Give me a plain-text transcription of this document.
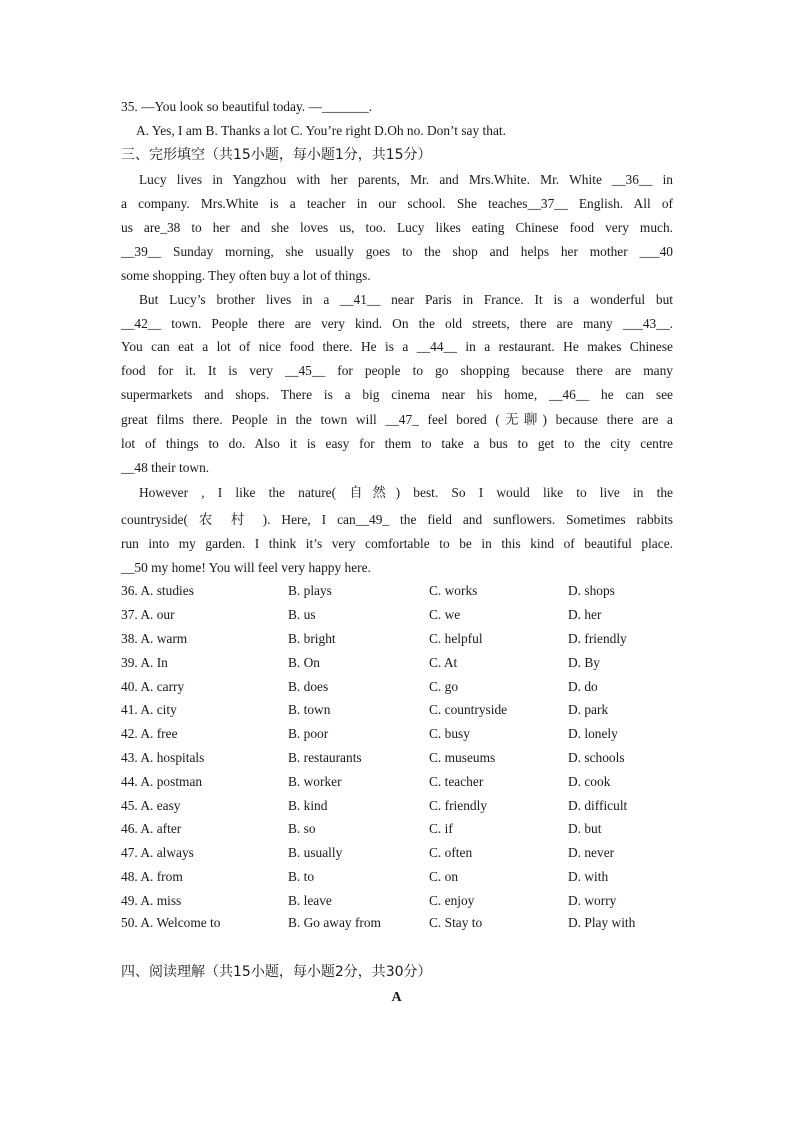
35. —You look so beautiful today. —_______.
A. Yes, I am B. Thanks a lot C. You’re right D.Oh no. Don’t say that.
三、完形填空（共15小题，每小题1分，共15分）
Lucy lives in Yangzhou with her parents, Mr. and Mrs.White. Mr. White __36__ in
a company. Mrs.White is a teacher in our school. She teaches__37__ English. All of
us are_38 to her and she loves us, too. Lucy likes eating Chinese food very much.
__39__ Sunday morning, she usually goes to the shop and helps her mother ___40
some shopping. They often buy a lot of things.
But Lucy’s brother lives in a __41__ near Paris in France. It is a wonderful but
__42__ town. People there are very kind. On the old streets, there are many ___43__.
You can eat a lot of nice food there. He is a __44__ in a restaurant. He makes Chinese
food for it. It is very __45__ for people to go shopping because there are many
supermarkets and shops. There is a big cinema near his home, __46__ he can see
great films there. People in the town will __47_ feel bored (无聊) because there are a
lot of things to do. Also it is easy for them to take a bus to get to the city centre
__48 their town.
However , I like the nature( 自然) best. So I would like to live in the
countryside( 农 村 ). Here, I can__49_ the field and sunflowers. Sometimes rabbits
run into my garden. I think it’s very comfortable to be in this kind of beautiful place.
__50 my home! You will feel very happy here.
36. A. studies	B. plays	C. works	D. shops
37. A. our	B. us	C. we	D. her
38. A. warm	B. bright	C. helpful	D. friendly
39. A. In	B. On	C. At	D. By
40. A. carry	B. does	C. go	D. do
41. A. city	B. town	C. countryside	D. park
42. A. free	B. poor	C. busy	D. lonely
43. A. hospitals	B. restaurants	C. museums	D. schools
44. A. postman	B. worker	C. teacher	D. cook
45. A. easy	B. kind	C. friendly	D. difficult
46. A. after	B. so	C. if	D. but
47. A. always	B. usually	C. often	D. never
48. A. from	B. to	C. on	D. with
49. A. miss	B. leave	C. enjoy	D. worry
50. A. Welcome to	B. Go away from	C. Stay to	D. Play with
四、阅读理解（共15小题，每小题2分，共30分）
A
